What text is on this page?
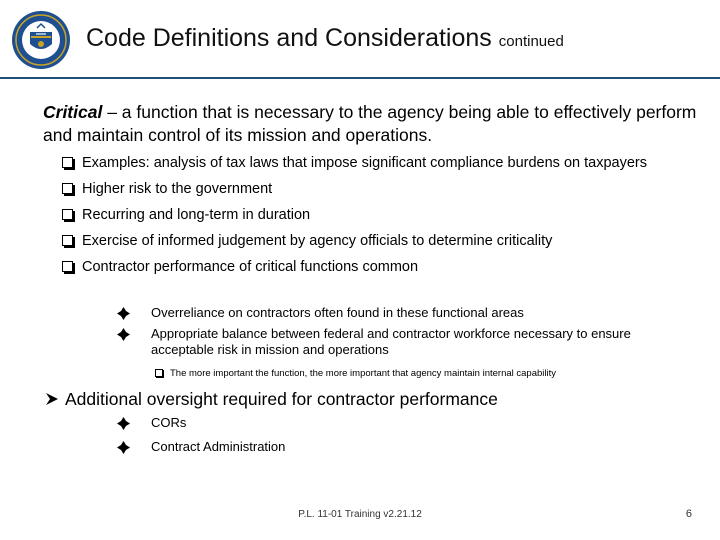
Code Definitions and Considerations continued
Critical – a function that is necessary to the agency being able to effectively perform and maintain control of its mission and operations.
Examples: analysis of tax laws that impose significant compliance burdens on taxpayers
Higher risk to the government
Recurring and long-term in duration
Exercise of informed judgement by agency officials to determine criticality
Contractor performance of critical functions common
Overreliance on contractors often found in these functional areas
Appropriate balance between federal and contractor workforce necessary to ensure acceptable risk in mission and operations
The more important the function, the more important that agency maintain internal capability
Additional oversight required for contractor performance
CORs
Contract Administration
P.L. 11-01 Training v2.21.12	6
